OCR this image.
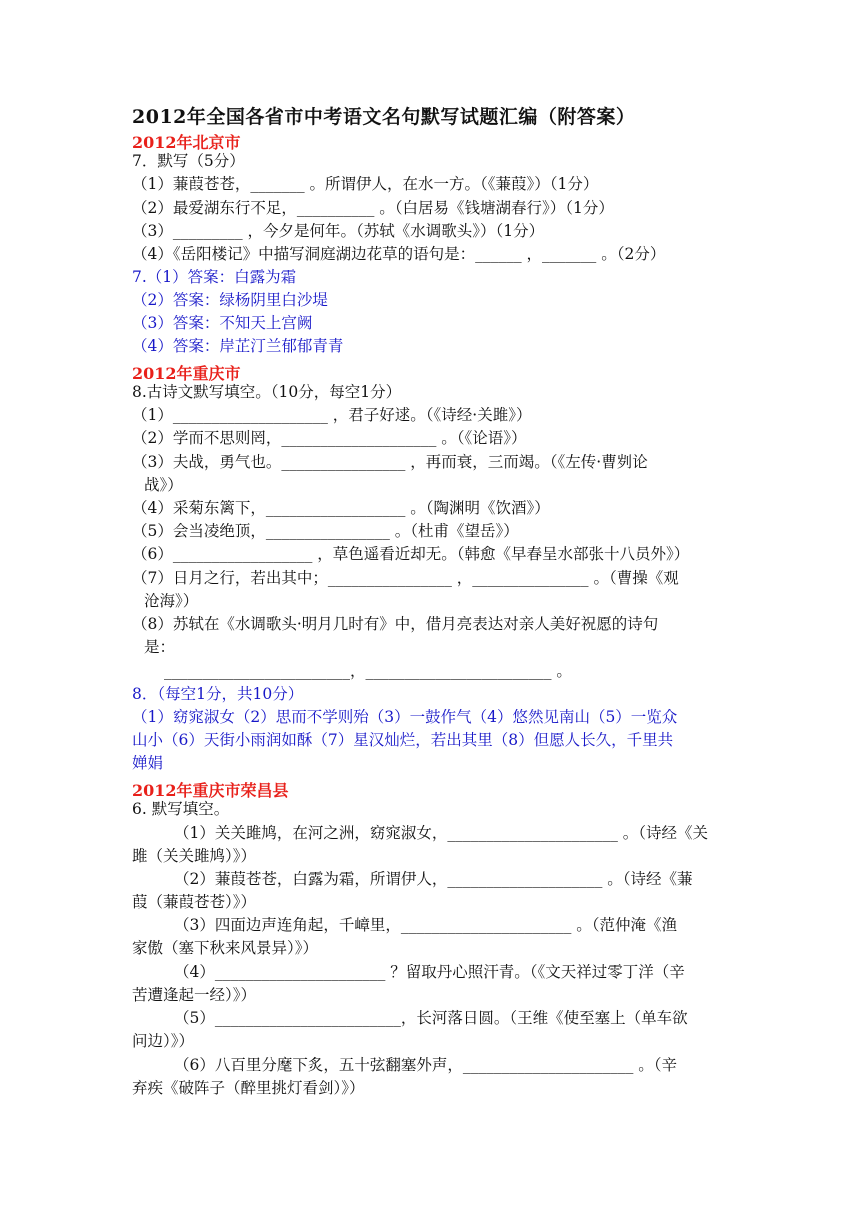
2012年全国各省市中考语文名句默写试题汇编（附答案）
2012年北京市
7．默写（5分）
（1）蒹葭苍苍，_______ 。所谓伊人，在水一方。（《蒹葭》）（1分）
（2）最爱湖东行不足，__________ 。（白居易《钱塘湖春行》）（1分）
（3）_________ ，今夕是何年。（苏轼《水调歌头》）（1分）
（4）《岳阳楼记》中描写洞庭湖边花草的语句是：______ ，_______ 。（2分）
7.（1）答案：白露为霜
（2）答案：绿杨阴里白沙堤
（3）答案：不知天上宫阙
（4）答案：岸芷汀兰郁郁青青
2012年重庆市
8.古诗文默写填空。（10分，每空1分）
（1）____________________ ，君子好逑。（《诗经·关雎》）
（2）学而不思则罔，____________________ 。（《论语》）
（3）夫战，勇气也。________________ ，再而衰，三而竭。（《左传·曹刿论
战》）
（4）采菊东篱下，__________________ 。（陶渊明《饮酒》）
（5）会当凌绝顶，________________ 。（杜甫《望岳》）
（6）__________________ ，草色遥看近却无。（韩愈《早春呈水部张十八员外》）
（7）日月之行，若出其中；________________ ，_______________ 。（曹操《观
沧海》）
（8）苏轼在《水调歌头·明月几时有》中，借月亮表达对亲人美好祝愿的诗句
是：
________________________，________________________ 。
8．（每空1分，共10分）
（1）窈窕淑女（2）思而不学则殆（3）一鼓作气（4）悠然见南山（5）一览众
山小（6）天街小雨润如酥（7）星汉灿烂，若出其里（8）但愿人长久，千里共
婵娟
2012年重庆市荣昌县
6. 默写填空。
（1）关关雎鸠，在河之洲，窈窕淑女，______________________ 。（诗经《关
雎（关关雎鸠）》）
（2）蒹葭苍苍，白露为霜，所谓伊人，____________________ 。（诗经《蒹
葭（蒹葭苍苍）》）
（3）四面边声连角起，千嶂里，______________________ 。（范仲淹《渔
家傲（塞下秋来风景异）》）
（4）______________________ ？留取丹心照汗青。（《文天祥过零丁洋（辛
苦遭逢起一经）》）
（5）________________________，长河落日圆。（王维《使至塞上（单车欲
问边）》）
（6）八百里分麾下炙，五十弦翻塞外声，______________________ 。（辛
弃疾《破阵子（醉里挑灯看剑）》）
